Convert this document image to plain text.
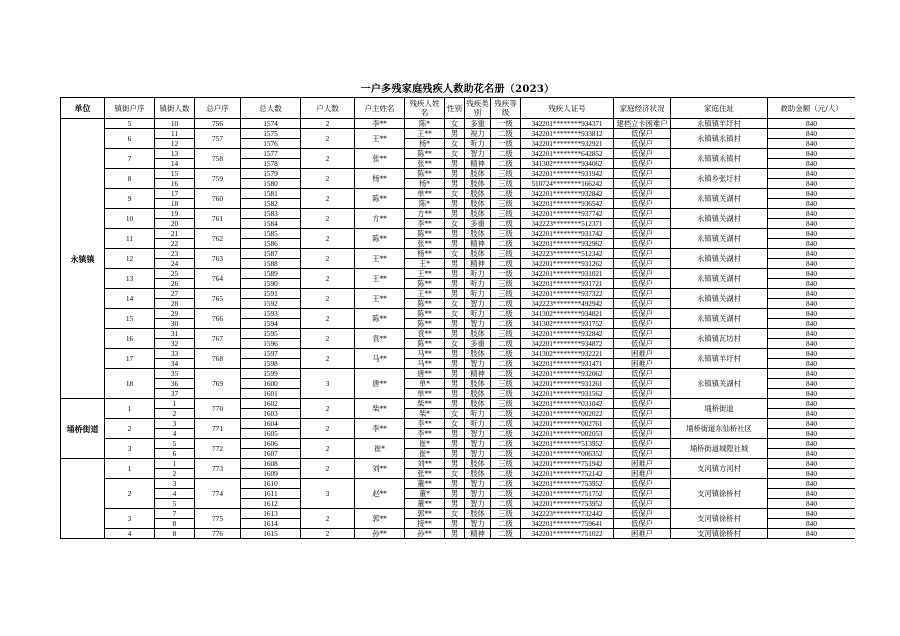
一户多残家庭残疾人救助花名册（2023）
单位	镇街户序	镇街人数	总户序	总人数	户人数	户主姓名	残疾人姓名	性别	残疾类别	残疾等级	残疾人证号	家庭经济状况	家庭住址	救助金额（元/人）
永镇镇	5	10	756	1574	2	李**	陈*	女	多重	一级	342201********934371	建档立卡困难户	永镇镇羊圩村	840
	6	11	757	1575	2	王**	王**	男	视力	二级	342201********933812	低保户	永镇镇永镇村	840
		12		1576			杨*	女	听力	一级	342201********932921	低保户		840
	7	13	758	1577	2	张**	陈**	女	智力	二级	342201********642852	低保户	永镇镇永镇村	840
		14		1578			张**	男	精神	二级	341302********934062	低保户		840
	8	15	759	1579	2	杨**	陈**	男	肢体	三级	342201********931942	低保户	永镇乡张圩村	840
		16		1580			杨*	男	肢体	三级	510724********166242	低保户		840
	9	17	760	1581	2	陈**	单**	女	肢体	二级	342201********932842	低保户	永镇镇关湖村	840
		18		1582			陈*	男	肢体	三级	342201********936542	低保户		840
	10	19	761	1583	2	方**	方**	男	肢体	三级	342201********937742	低保户	永镇镇关湖村	840
		20		1584			李**	女	多重	二级	342223********512371	低保户		840
	11	21	762	1585	2	陈**	陈**	男	肢体	三级	342201********931742	低保户	永镇镇关湖村	840
		22		1586			张**	男	精神	二级	342201********932962	低保户		840
	12	23	763	1587	2	王**	杨**	女	肢体	三级	342223********512342	低保户	永镇镇关湖村	840
		24		1588			王*	男	精神	二级	342201********931262	低保户		840
	13	25	764	1589	2	王**	王**	男	听力	一级	342201********931021	低保户	永镇镇关湖村	840
		26		1590			陈**	男	听力	三级	342201********931721	低保户		840
	14	27	765	1591	2	王**	王**	男	听力	三级	342201********937322	低保户	永镇镇关湖村	840
		28		1592			陈**	女	智力	二级	342223********492942	低保户		840
	15	29	766	1593	2	陈**	陈**	女	听力	二级	341302********934821	低保户	永镇镇关湖村	840
		30		1594			陈**	男	智力	二级	341302********931752	低保户		840
	16	31	767	1595	2	袁**	袁**	男	肢体	三级	342201********932842	低保户	永镇镇瓦坊村	840
		32		1596			陈**	女	多重	二级	342201********934872	低保户		840
	17	33	768	1597	2	马**	马**	男	肢体	二级	341302********932221	困难户	永镇镇羊圩村	840
		34		1598			马**	男	智力	二级	342201********931471	困难户		840
	18	35	769	1599	3	唐**	唐**	男	精神	二级	342201********932062	低保户	永镇镇关湖村	840
		36		1600			单*	男	肢体	三级	342201********931261	低保户		840
		37		1601			单**	男	肢体	三级	342201********931562	低保户		840
埇桥街道	1	1	770	1602	2	柴**	柴**	男	肢体	三级	342201********031042	低保户	埇桥街道	840
		2		1603			柴*	女	听力	二级	342201********002022	低保户		840
	2	3	771	1604	2	李**	李**	女	听力	二级	342201********002761	低保户	埇桥街道东仙桥社区	840
		4		1605			李**	男	智力	二级	342201********002053	低保户		840
	3	5	772	1606	2	崔*	崔*	男	智力	二级	342201********513952	低保户	埇桥街道城隍社城	840
		6		1607			崔*	男	智力	二级	342201********006352	低保户		840
	1	1	773	1608	2	刘**	刘**	男	肢体	三级	342201********751942	困难户	支河镇方河村	840
		2		1609			张**	女	肢体	二级	342201********752142	困难户		840
	2	3	774	1610	3	赵**	董**	男	智力	二级	342201********753952	低保户	支河镇徐桥村	840
		4		1611			董*	男	智力	二级	342201********751752	低保户		840
		5		1612			董**	男	智力	二级	342201********753952	低保户		840
	3	7	775	1613	2	郭**	郭**	女	肢体	三级	342223********732442	低保户	支河镇徐桥村	840
		8		1614			接**	男	智力	二级	342201********759641	低保户		840
	4	8	776	1615	2	孙**	孙**	男	精神	二级	342201********751022	困难户	支河镇徐桥村	840
